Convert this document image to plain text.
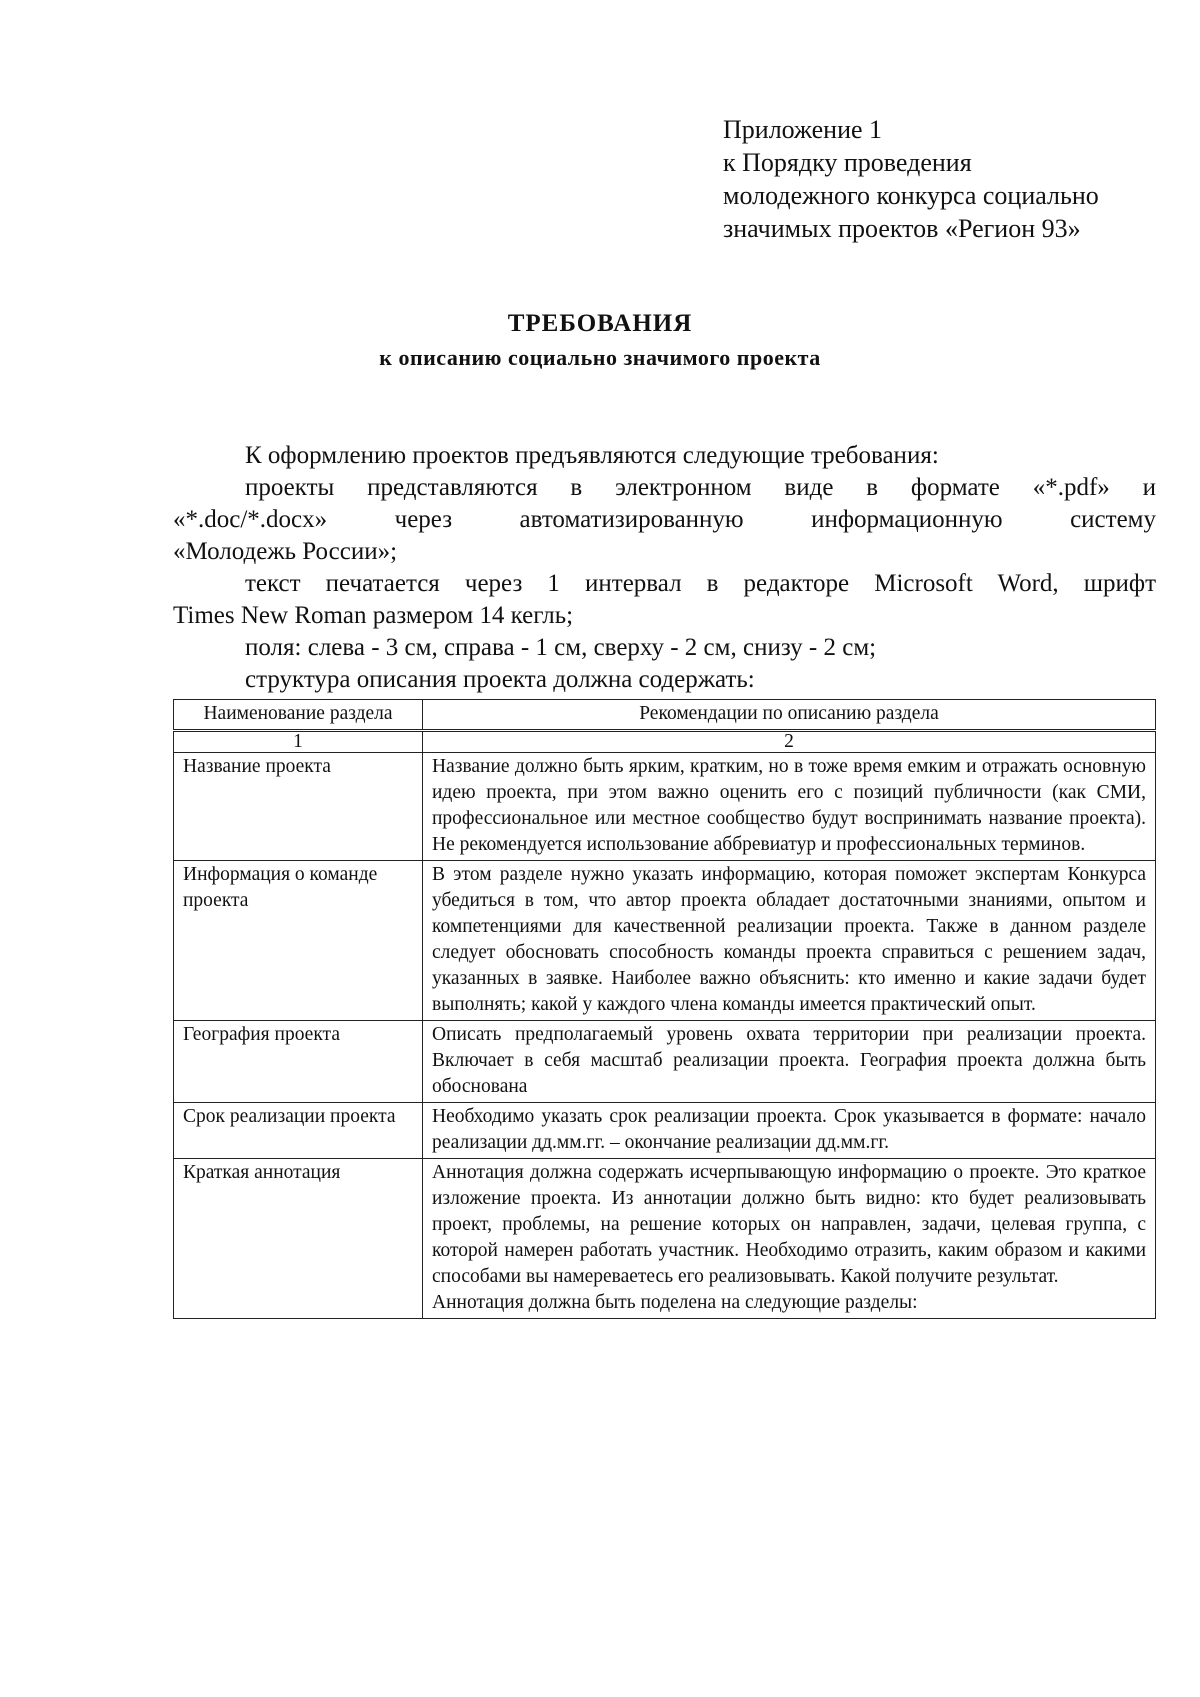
Приложение 1
к Порядку проведения
молодежного конкурса социально
значимых проектов «Регион 93»
ТРЕБОВАНИЯ
к описанию социально значимого проекта

К оформлению проектов предъявляются следующие требования:

проекты представляются в электронном виде в формате «*.pdf» и

«*.doc/*.docx» через автоматизированную информационную систему

«Молодежь России»;

текст печатается через 1 интервал в редакторе Microsoft Word, шрифт

Times New Roman размером 14 кегль;

поля: слева - 3 см, справа - 1 см, сверху - 2 см, снизу - 2 см;

структура описания проекта должна содержать:

Наименование раздела	Рекомендации по описанию раздела
1	2
Название проекта	Название должно быть ярким, кратким, но в тоже время емким и отражать основную идею проекта, при этом важно оценить его с позиций публичности (как СМИ, профессиональное или местное сообщество будут воспринимать название проекта). Не рекомендуется использование аббревиатур и профессиональных терминов.
Информация о команде проекта	В этом разделе нужно указать информацию, которая поможет экспертам Конкурса убедиться в том, что автор проекта обладает достаточными знаниями, опытом и компетенциями для качественной реализации проекта. Также в данном разделе следует обосновать способность команды проекта справиться с решением задач, указанных в заявке. Наиболее важно объяснить: кто именно и какие задачи будет выполнять; какой у каждого члена команды имеется практический опыт.
География проекта	Описать предполагаемый уровень охвата территории при реализации проекта. Включает в себя масштаб реализации проекта. География проекта должна быть обоснована
Срок реализации проекта	Необходимо указать срок реализации проекта. Срок указывается в формате: начало реализации дд.мм.гг. – окончание реализации дд.мм.гг.
Краткая аннотация	Аннотация должна содержать исчерпывающую информацию о проекте. Это краткое изложение проекта. Из аннотации должно быть видно: кто будет реализовывать проект, проблемы, на решение которых он направлен, задачи, целевая группа, с которой намерен работать участник. Необходимо отразить, каким образом и какими способами вы намереваетесь его реализовывать. Какой получите результат.
Аннотация должна быть поделена на следующие разделы:
